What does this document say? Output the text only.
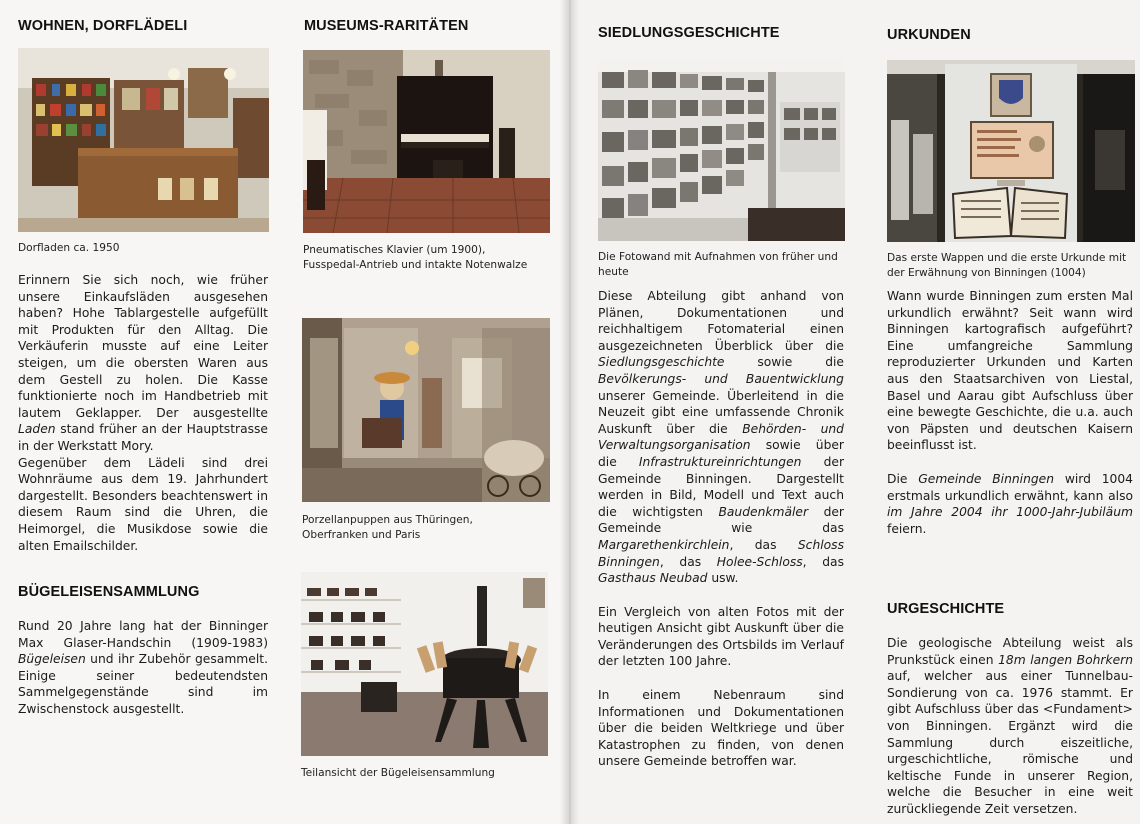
WOHNEN, DORFLÄDELI

Dorfladen ca. 1950

Erinnern Sie sich noch, wie früher unsere Einkaufsläden ausgesehen haben? Hohe Tablargestelle aufgefüllt mit Produkten für den Alltag. Die Verkäuferin musste auf eine Leiter steigen, um die obersten Waren aus dem Gestell zu holen. Die Kasse funktionierte noch im Handbetrieb mit lautem Geklapper. Der ausgestellte Laden stand früher an der Hauptstrasse in der Werkstatt Mory.

Gegenüber dem Lädeli sind drei Wohnräume aus dem 19. Jahrhundert dargestellt. Besonders beachtenswert in diesem Raum sind die Uhren, die Heimorgel, die Musikdose sowie die alten Emailschilder.

BÜGELEISENSAMMLUNG

Rund 20 Jahre lang hat der Binninger Max Glaser-Handschin (1909-1983) Bügeleisen und ihr Zubehör gesammelt. Einige seiner bedeutendsten Sammelgegenstände sind im Zwischenstock ausgestellt.

MUSEUMS-RARITÄTEN

Pneumatisches Klavier (um 1900), Fusspedal-Antrieb und intakte Notenwalze

Porzellanpuppen aus Thüringen, Oberfranken und Paris

Teilansicht der Bügeleisensammlung

SIEDLUNGSGESCHICHTE

Die Fotowand mit Aufnahmen von früher und heute

Diese Abteilung gibt anhand von Plänen, Dokumentationen und reichhaltigem Fotomaterial einen ausgezeichneten Überblick über die Siedlungsgeschichte sowie die Bevölkerungs- und Bauentwicklung unserer Gemeinde. Überleitend in die Neuzeit gibt eine umfassende Chronik Auskunft über die Behörden- und Verwaltungsorganisation sowie über die Infrastruktureinrichtungen der Gemeinde Binningen. Dargestellt werden in Bild, Modell und Text auch die wichtigsten Baudenkmäler der Gemeinde wie das Margarethenkirchlein, das Schloss Binningen, das Holee-Schloss, das Gasthaus Neubad usw.

Ein Vergleich von alten Fotos mit der heutigen Ansicht gibt Auskunft über die Veränderungen des Ortsbilds im Verlauf der letzten 100 Jahre.

In einem Nebenraum sind Informationen und Dokumentationen über die beiden Weltkriege und über Katastrophen zu finden, von denen unsere Gemeinde betroffen war.

URKUNDEN

Das erste Wappen und die erste Urkunde mit der Erwähnung von Binningen (1004)

Wann wurde Binningen zum ersten Mal urkundlich erwähnt? Seit wann wird Binningen kartografisch aufgeführt? Eine umfangreiche Sammlung reproduzierter Urkunden und Karten aus den Staatsarchiven von Liestal, Basel und Aarau gibt Aufschluss über eine bewegte Geschichte, die u.a. auch von Päpsten und deutschen Kaisern beeinflusst ist.

Die Gemeinde Binningen wird 1004 erstmals urkundlich erwähnt, kann also im Jahre 2004 ihr 1000-Jahr-Jubiläum feiern.

URGESCHICHTE

Die geologische Abteilung weist als Prunkstück einen 18m langen Bohrkern auf, welcher aus einer Tunnelbau-Sondierung von ca. 1976 stammt. Er gibt Aufschluss über das <Fundament> von Binningen. Ergänzt wird die Sammlung durch eiszeitliche, urgeschichtliche, römische und keltische Funde in unserer Region, welche die Besucher in eine weit zurückliegende Zeit versetzen.
